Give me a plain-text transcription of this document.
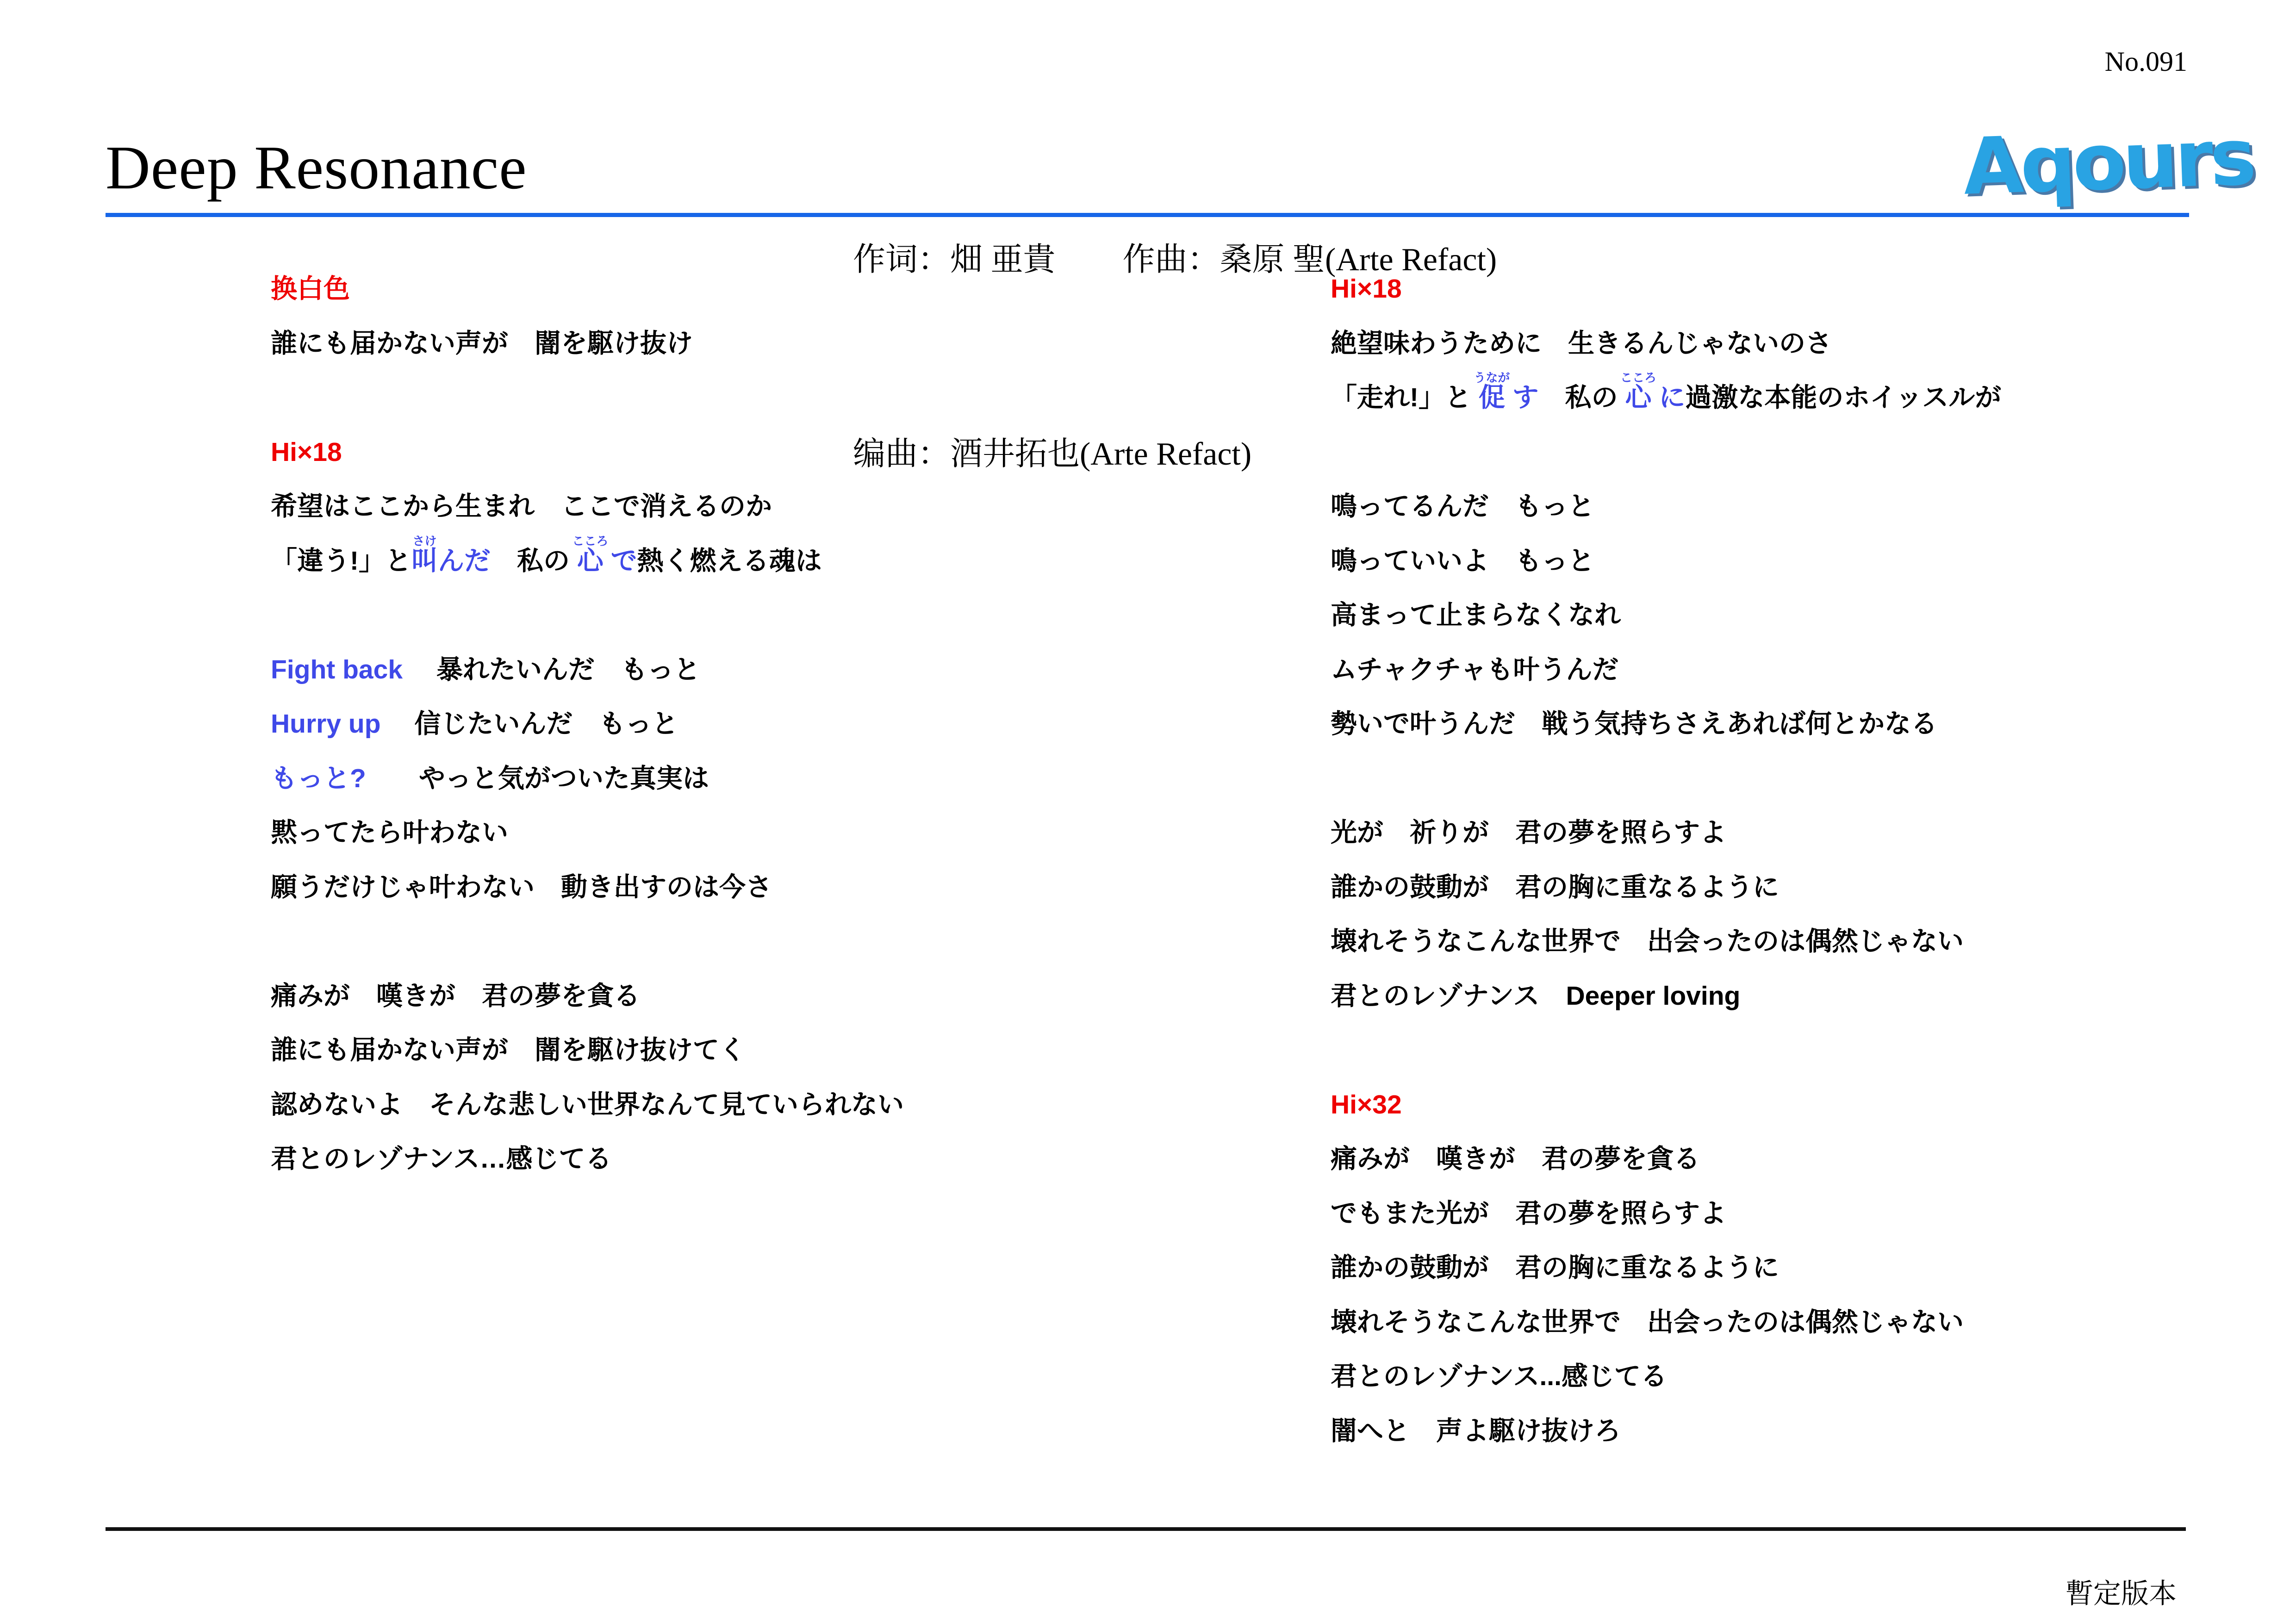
No.091
Deep Resonance

作词：畑 亜貴 作曲：桑原 聖(Arte Refact)

编曲：酒井拓也(Arte Refact)

Aqours
换白色
誰にも届かない声が　闇を駆け抜け
Hi×18
希望はここから生まれ　ここで消えるのか
「違う!」と叫
さけ
んだ　私の 心
こころ
で熱く燃える魂は
Fight back　 暴れたいんだ　もっと
Hurry up　 信じたいんだ　もっと
もっと?　　やっと気がついた真実は
黙ってたら叶わない
願うだけじゃ叶わない　動き出すのは今さ
痛みが　嘆きが　君の夢を貪る
誰にも届かない声が　闇を駆け抜けてく
認めないよ　そんな悲しい世界なんて見ていられない
君とのレゾナンス…感じてる
Hi×18
絶望味わうために　生きるんじゃないのさ
「走れ!」と 促
うなが
す　私の 心
こころ
に過激な本能のホイッスルが
鳴ってるんだ　もっと
鳴っていいよ　もっと
高まって止まらなくなれ
ムチャクチャも叶うんだ
勢いで叶うんだ　戦う気持ちさえあれば何とかなる
光が　祈りが　君の夢を照らすよ
誰かの鼓動が　君の胸に重なるように
壊れそうなこんな世界で　出会ったのは偶然じゃない
君とのレゾナンス　Deeper loving
Hi×32
痛みが　嘆きが　君の夢を貪る
でもまた光が　君の夢を照らすよ
誰かの鼓動が　君の胸に重なるように
壊れそうなこんな世界で　出会ったのは偶然じゃない
君とのレゾナンス...感じてる
闇へと　声よ駆け抜けろ
暫定版本
